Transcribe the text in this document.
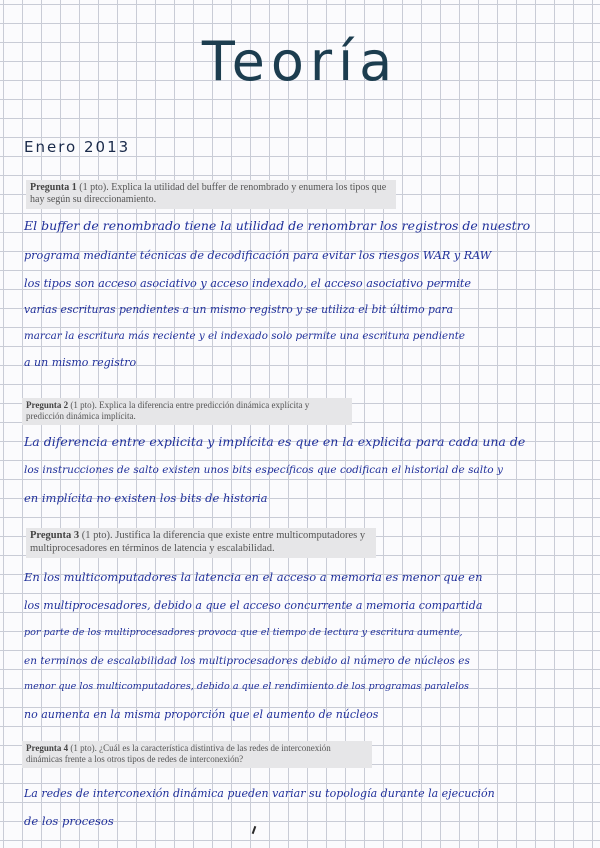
Teoría
Enero 2013
Pregunta 1 (1 pto). Explica la utilidad del buffer de renombrado y enumera los tipos que hay según su direccionamiento.
El buffer de renombrado tiene la utilidad de renombrar los registros de nuestro
programa mediante técnicas de decodificación para evitar los riesgos WAR y RAW
los tipos son acceso asociativo y acceso indexado, el acceso asociativo permite
varias escrituras pendientes a un mismo registro y se utiliza el bit último para
marcar la escritura más reciente y el indexado solo permite una escritura pendiente
a un mismo registro
Pregunta 2 (1 pto). Explica la diferencia entre predicción dinámica explícita y predicción dinámica implícita.
La diferencia entre explicita y implícita es que en la explicita para cada una de
los instrucciones de salto existen unos bits específicos que codifican el historial de salto y
en implícita no existen los bits de historia
Pregunta 3 (1 pto). Justifica la diferencia que existe entre multicomputadores y multiprocesadores en términos de latencia y escalabilidad.
En los multicomputadores la latencia en el acceso a memoria es menor que en
los multiprocesadores, debido a que el acceso concurrente a memoria compartida
por parte de los multiprocesadores provoca que el tiempo de lectura y escritura aumente,
en terminos de escalabilidad los multiprocesadores debido al número de núcleos es
menor que los multicomputadores, debido a que el rendimiento de los programas paralelos
no aumenta en la misma proporción que el aumento de núcleos
Pregunta 4 (1 pto). ¿Cuál es la característica distintiva de las redes de interconexión dinámicas frente a los otros tipos de redes de interconexión?
La redes de interconexión dinámica pueden variar su topología durante la ejecución
de los procesos
